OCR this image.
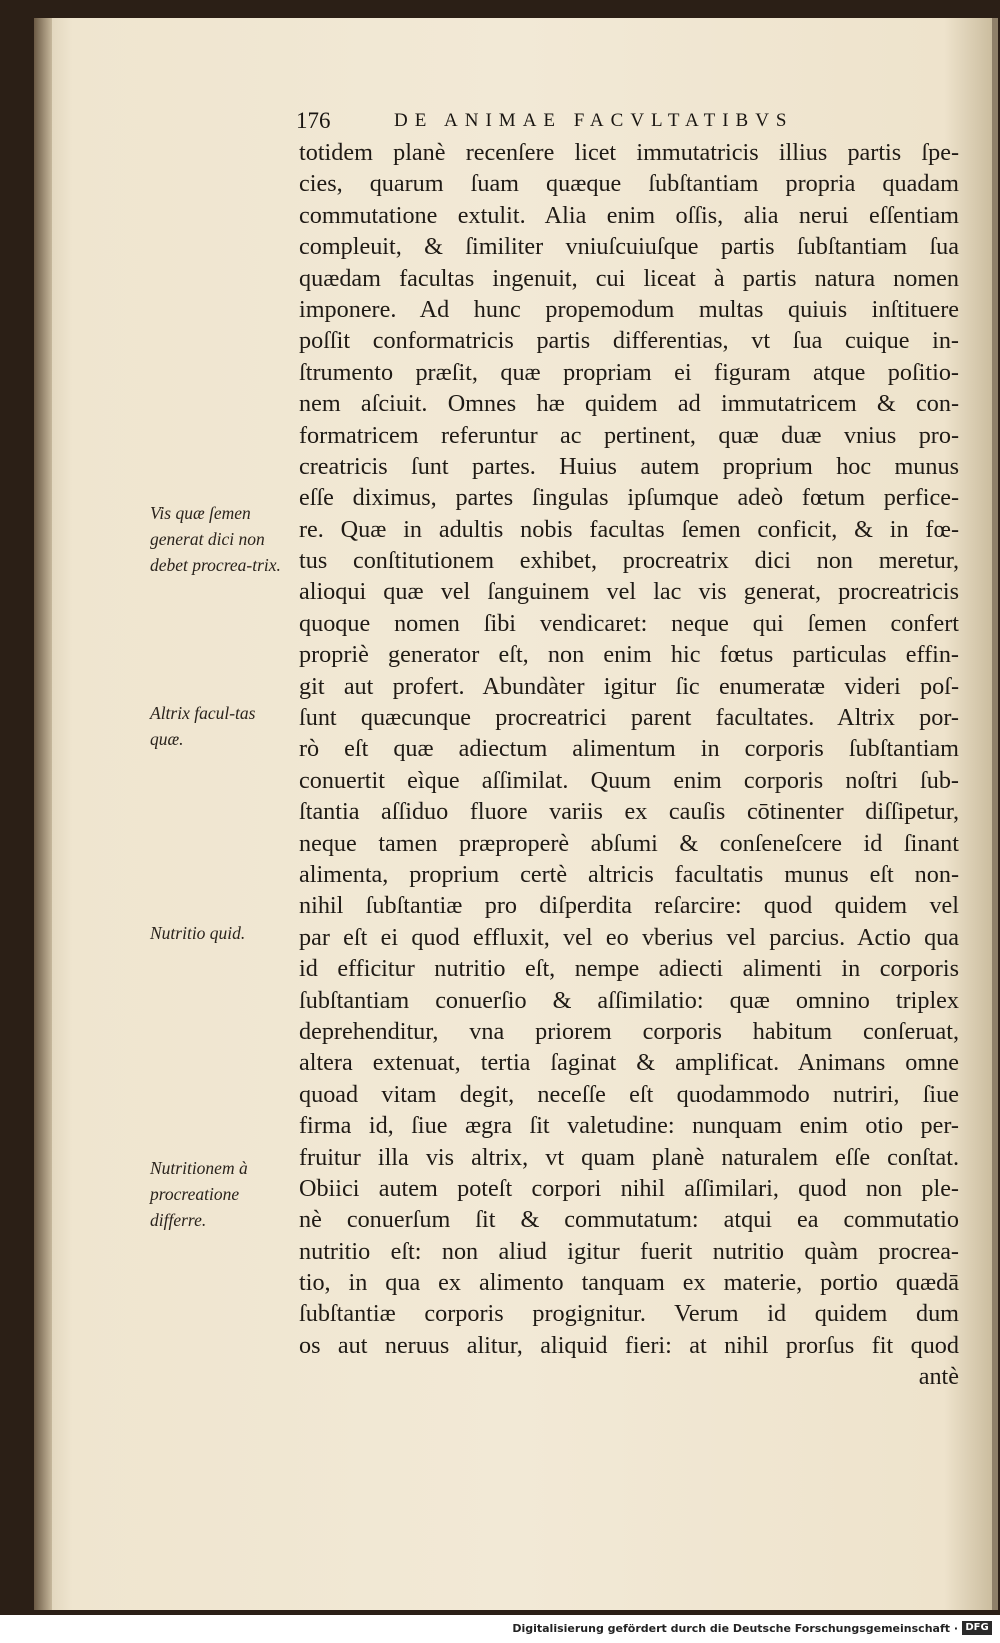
176	DE ANIMAE FACVLTATIBVS
totidem planè recenſere licet immutatricis illius partis ſpe-
cies, quarum ſuam quæque ſubſtantiam propria quadam
commutatione extulit. Alia enim oſſis, alia nerui eſſentiam
compleuit, & ſimiliter vniuſcuiuſque partis ſubſtantiam ſua
quædam facultas ingenuit, cui liceat à partis natura nomen
imponere. Ad hunc propemodum multas quiuis inſtituere
poſſit conformatricis partis differentias, vt ſua cuique in-
ſtrumento præſit, quæ propriam ei figuram atque poſitio-
nem aſciuit. Omnes hæ quidem ad immutatricem & con-
formatricem referuntur ac pertinent, quæ duæ vnius pro-
creatricis ſunt partes. Huius autem proprium hoc munus
eſſe diximus, partes ſingulas ipſumque adeò fœtum perfice-
re. Quæ in adultis nobis facultas ſemen conficit, & in fœ-
tus conſtitutionem exhibet, procreatrix dici non meretur,
alioqui quæ vel ſanguinem vel lac vis generat, procreatricis
quoque nomen ſibi vendicaret: neque qui ſemen confert
propriè generator eſt, non enim hic fœtus particulas effin-
git aut profert. Abundàter igitur ſic enumeratæ videri poſ-
ſunt quæcunque procreatrici parent facultates. Altrix por-
rò eſt quæ adiectum alimentum in corporis ſubſtantiam
conuertit eìque aſſimilat. Quum enim corporis noſtri ſub-
ſtantia aſſiduo fluore variis ex cauſis cōtinenter diſſipetur,
neque tamen præproperè abſumi & conſeneſcere id ſinant
alimenta, proprium certè altricis facultatis munus eſt non-
nihil ſubſtantiæ pro diſperdita reſarcire: quod quidem vel
par eſt ei quod effluxit, vel eo vberius vel parcius. Actio qua
id efficitur nutritio eſt, nempe adiecti alimenti in corporis
ſubſtantiam conuerſio & aſſimilatio: quæ omnino triplex
deprehenditur, vna priorem corporis habitum conſeruat,
altera extenuat, tertia ſaginat & amplificat. Animans omne
quoad vitam degit, neceſſe eſt quodammodo nutriri, ſiue
firma id, ſiue ægra ſit valetudine: nunquam enim otio per-
fruitur illa vis altrix, vt quam planè naturalem eſſe conſtat.
Obiici autem poteſt corpori nihil aſſimilari, quod non ple-
nè conuerſum ſit & commutatum: atqui ea commutatio
nutritio eſt: non aliud igitur fuerit nutritio quàm procrea-
tio, in qua ex alimento tanquam ex materie, portio quædā
ſubſtantiæ corporis progignitur. Verum id quidem dum
os aut neruus alitur, aliquid fieri: at nihil prorſus fit quod
antè
Vis quæ ſemen generat dici non debet procrea-trix.
Altrix facul-tas quæ.
Nutritio quid.
Nutritionem à procreatione differre.
Digitalisierung gefördert durch die Deutsche Forschungsgemeinschaft · DFG
